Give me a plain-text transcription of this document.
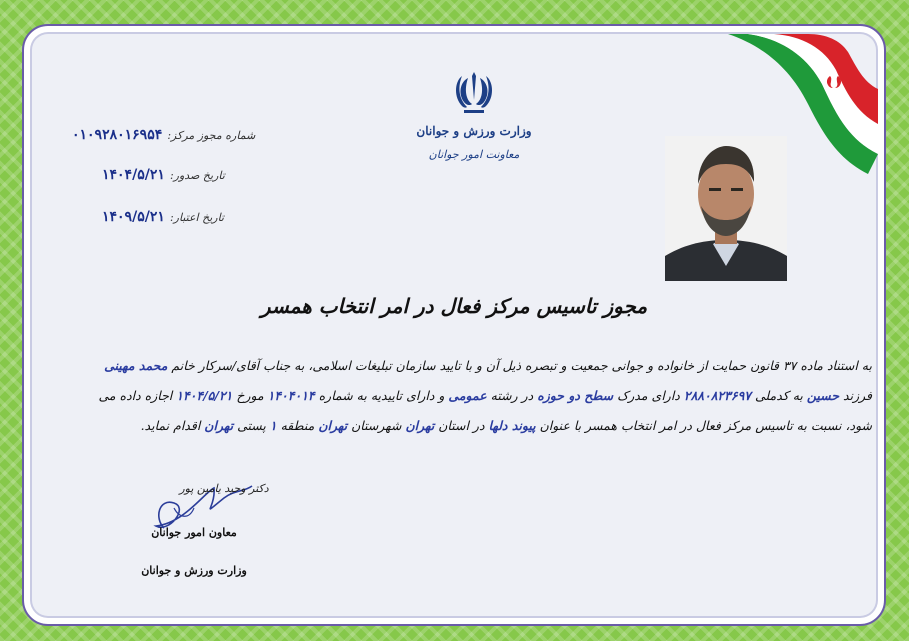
وزارت ورزش و جوانان
معاونت امور جوانان
شماره مجوز مرکز: ۰۱۰۹۲۸۰۱۶۹۵۴
تاریخ صدور: ۱۴۰۴/۵/۲۱
تاریخ اعتبار: ۱۴۰۹/۵/۲۱
مجوز تاسیس مرکز فعال در امر انتخاب همسر
به استناد ماده ۳۷ قانون حمایت از خانواده و جوانی جمعیت و تبصره ذیل آن و با تایید سازمان تبلیغات اسلامی، به جناب آقای/سرکار خانم محمد مهینی فرزند حسین به کدملی ۲۸۸۰۸۲۳۶۹۷ دارای مدرک سطح دو حوزه در رشته عمومی و دارای تاییدیه به شماره ۱۴۰۴۰۱۴ مورخ ۱۴۰۴/۵/۲۱ اجازه داده می شود، نسبت به تاسیس مرکز فعال در امر انتخاب همسر با عنوان پیوند دلها در استان تهران شهرستان تهران منطقه ۱ پستی تهران اقدام نماید.
دکتر وحید یامین پور
معاون امور جوانان
وزارت ورزش و جوانان
